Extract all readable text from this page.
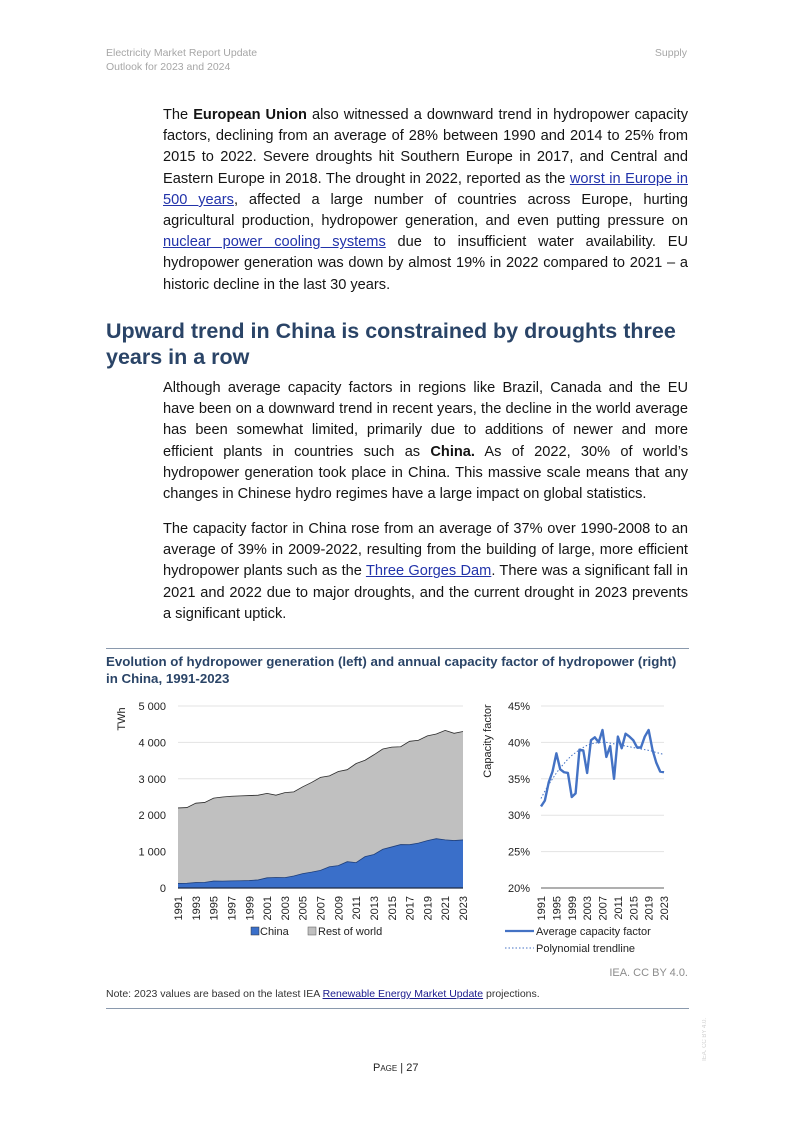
Electricity Market Report Update
Outlook for 2023 and 2024
Supply

The European Union also witnessed a downward trend in hydropower capacity factors, declining from an average of 28% between 1990 and 2014 to 25% from 2015 to 2022. Severe droughts hit Southern Europe in 2017, and Central and Eastern Europe in 2018. The drought in 2022, reported as the worst in Europe in 500 years, affected a large number of countries across Europe, hurting agricultural production, hydropower generation, and even putting pressure on nuclear power cooling systems due to insufficient water availability. EU hydropower generation was down by almost 19% in 2022 compared to 2021 – a historic decline in the last 30 years.

Upward trend in China is constrained by droughts three years in a row

Although average capacity factors in regions like Brazil, Canada and the EU have been on a downward trend in recent years, the decline in the world average has been somewhat limited, primarily due to additions of newer and more efficient plants in countries such as China. As of 2022, 30% of world’s hydropower generation took place in China. This massive scale means that any changes in Chinese hydro regimes have a large impact on global statistics.

The capacity factor in China rose from an average of 37% over 1990-2008 to an average of 39% in 2009-2022, resulting from the building of large, more efficient hydropower plants such as the Three Gorges Dam. There was a significant fall in 2021 and 2022 due to major droughts, and the current drought in 2023 prevents a significant uptick.

Evolution of hydropower generation (left) and annual capacity factor of hydropower (right) in China, 1991-2023
0
1 000
2 000
3 000
4 000
5 000
TWh
1991 1993 1995 1997 1999 2001 2003 2005 2007 2009 2011 2013 2015 2017 2019 2021 2023
China	Rest of world
20%
25%
30%
35%
40%
45%
Capacity factor
1991 1995 1999 2003 2007 2011 2015 2019 2023
Average capacity factor
Polynomial trendline
IEA. CC BY 4.0.
Note: 2023 values are based on the latest IEA Renewable Energy Market Update projections.
Page | 27
IEA. CC BY 4.0.
